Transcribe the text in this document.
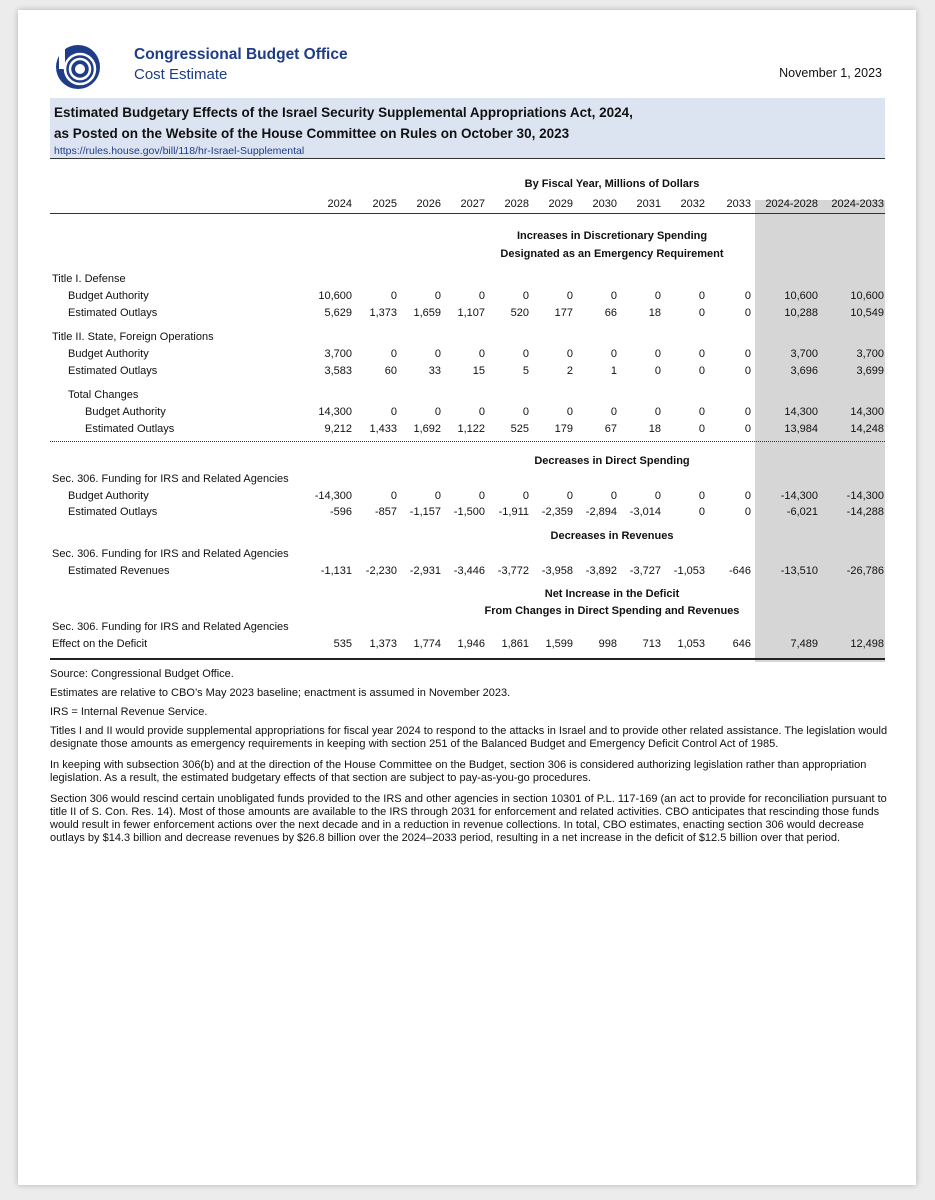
Congressional Budget Office
Cost Estimate	November 1, 2023
Estimated Budgetary Effects of the Israel Security Supplemental Appropriations Act, 2024,
as Posted on the Website of the House Committee on Rules on October 30, 2023
https://rules.house.gov/bill/118/hr-Israel-Supplemental
By Fiscal Year, Millions of Dollars
2024	2025	2026	2027	2028	2029	2030	2031	2032	2033	2024-2028	2024-2033
Increases in Discretionary Spending
Designated as an Emergency Requirement
Title I. Defense
Budget Authority	10,600	0	0	0	0	0	0	0	0	0	10,600	10,600
Estimated Outlays	5,629	1,373	1,659	1,107	520	177	66	18	0	0	10,288	10,549
Title II. State, Foreign Operations
Budget Authority	3,700	0	0	0	0	0	0	0	0	0	3,700	3,700
Estimated Outlays	3,583	60	33	15	5	2	1	0	0	0	3,696	3,699
Total Changes
Budget Authority	14,300	0	0	0	0	0	0	0	0	0	14,300	14,300
Estimated Outlays	9,212	1,433	1,692	1,122	525	179	67	18	0	0	13,984	14,248
Decreases in Direct Spending
Sec. 306. Funding for IRS and Related Agencies
Budget Authority	-14,300	0	0	0	0	0	0	0	0	0	-14,300	-14,300
Estimated Outlays	-596	-857	-1,157	-1,500	-1,911	-2,359	-2,894	-3,014	0	0	-6,021	-14,288
Decreases in Revenues
Sec. 306. Funding for IRS and Related Agencies
Estimated Revenues	-1,131	-2,230	-2,931	-3,446	-3,772	-3,958	-3,892	-3,727	-1,053	-646	-13,510	-26,786
Net Increase in the Deficit
From Changes in Direct Spending and Revenues
Sec. 306. Funding for IRS and Related Agencies
Effect on the Deficit	535	1,373	1,774	1,946	1,861	1,599	998	713	1,053	646	7,489	12,498

Source: Congressional Budget Office.

Estimates are relative to CBO’s May 2023 baseline; enactment is assumed in November 2023.

IRS = Internal Revenue Service.

Titles I and II would provide supplemental appropriations for fiscal year 2024 to respond to the attacks in Israel and to provide other related assistance. The legislation would designate those amounts as emergency requirements in keeping with section 251 of the Balanced Budget and Emergency Deficit Control Act of 1985.

In keeping with subsection 306(b) and at the direction of the House Committee on the Budget, section 306 is considered authorizing legislation rather than appropriation legislation. As a result, the estimated budgetary effects of that section are subject to pay-as-you-go procedures.

Section 306 would rescind certain unobligated funds provided to the IRS and other agencies in section 10301 of P.L. 117-169 (an act to provide for reconciliation pursuant to title II of S. Con. Res. 14). Most of those amounts are available to the IRS through 2031 for enforcement and related activities. CBO anticipates that rescinding those funds would result in fewer enforcement actions over the next decade and in a reduction in revenue collections. In total, CBO estimates, enacting section 306 would decrease outlays by $14.3 billion and decrease revenues by $26.8 billion over the 2024–2033 period, resulting in a net increase in the deficit of $12.5 billion over that period.
